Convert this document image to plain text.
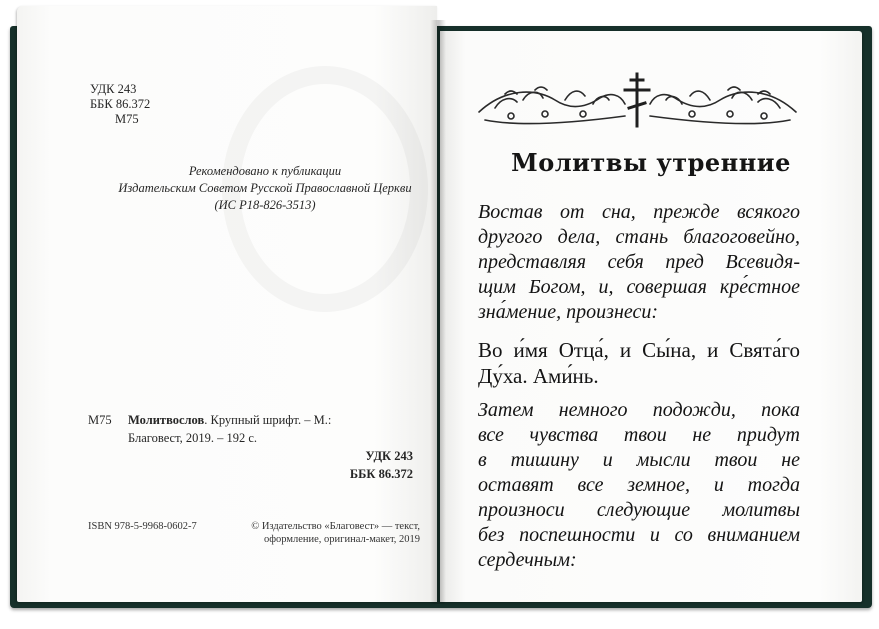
УДК 243
ББК 86.372
М75
Рекомендовано к публикации
Издательским Советом Русской Православной Церкви
(ИС Р18-826-3513)
М75 Молитвослов. Крупный шрифт. – М.:
Благовест, 2019. – 192 с.
УДК 243
ББК 86.372
ISBN 978-5-9968-0602-7	© Издательство «Благовест» — текст,
оформление, оригинал-макет, 2019
Молитвы утренние
Востав от сна, прежде всякого
другого дела, стань благоговейно,
представляя себя пред Всевидя-
щим Богом, и, совершая кре́стное
зна́мение, произнеси:
Во и́мя Отца́, и Сы́на, и Свята́го
Ду́ха. Ами́нь.
Затем немного подожди, пока
все чувства твои не придут
в тишину и мысли твои не
оставят все земное, и тогда
произноси следующие молитвы
без поспешности и со вниманием
сердечным:
